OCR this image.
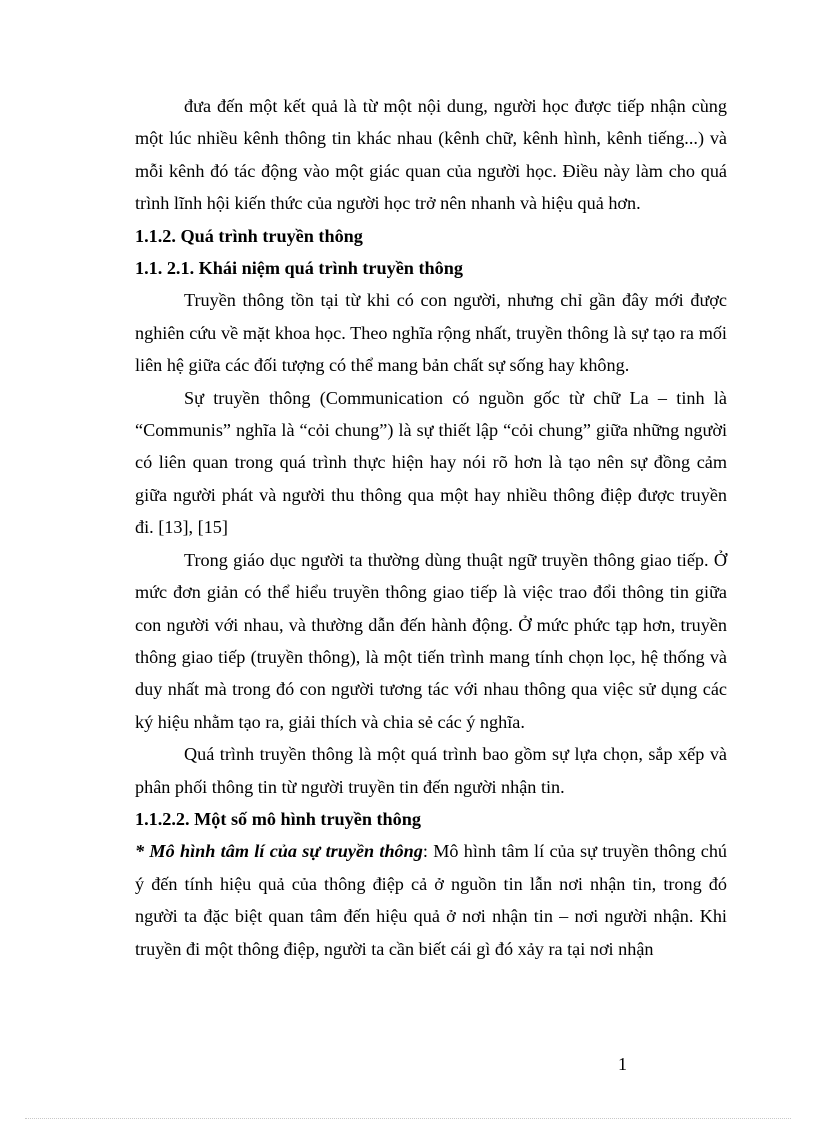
đưa đến một kết quả là từ một nội dung, người học được tiếp nhận cùng một lúc nhiều kênh thông tin khác nhau (kênh chữ, kênh hình, kênh tiếng...) và mỗi kênh đó tác động vào một giác quan của người học. Điều này làm cho quá trình lĩnh hội kiến thức của người học trở nên nhanh và hiệu quả hơn.

1.1.2. Quá trình truyền thông

1.1. 2.1. Khái niệm quá trình truyền thông

Truyền thông tồn tại từ khi có con người, nhưng chỉ gần đây mới được nghiên cứu về mặt khoa học. Theo nghĩa rộng nhất, truyền thông là sự tạo ra mối liên hệ giữa các đối tượng có thể mang bản chất sự sống hay không.

Sự truyền thông (Communication có nguồn gốc từ chữ La – tinh là “Communis” nghĩa là “cỏi chung”) là sự thiết lập “cỏi chung” giữa những người có liên quan trong quá trình thực hiện hay nói rõ hơn là tạo nên sự đồng cảm giữa người phát và người thu thông qua một hay nhiều thông điệp được truyền đi. [13], [15]

Trong giáo dục người ta thường dùng thuật ngữ truyền thông giao tiếp. Ở mức đơn giản có thể hiểu truyền thông giao tiếp là việc trao đổi thông tin giữa con người với nhau, và thường dẫn đến hành động. Ở mức phức tạp hơn, truyền thông giao tiếp (truyền thông), là một tiến trình mang tính chọn lọc, hệ thống và duy nhất mà trong đó con người tương tác với nhau thông qua việc sử dụng các ký hiệu nhằm tạo ra, giải thích và chia sẻ các ý nghĩa.

Quá trình truyền thông là một quá trình bao gồm sự lựa chọn, sắp xếp và phân phối thông tin từ người truyền tin đến người nhận tin.

1.1.2.2. Một số mô hình truyền thông

* Mô hình tâm lí của sự truyền thông: Mô hình tâm lí của sự truyền thông chú ý đến tính hiệu quả của thông điệp cả ở nguồn tin lẫn nơi nhận tin, trong đó người ta đặc biệt quan tâm đến hiệu quả ở nơi nhận tin – nơi người nhận. Khi truyền đi một thông điệp, người ta cần biết cái gì đó xảy ra tại nơi nhận

1
